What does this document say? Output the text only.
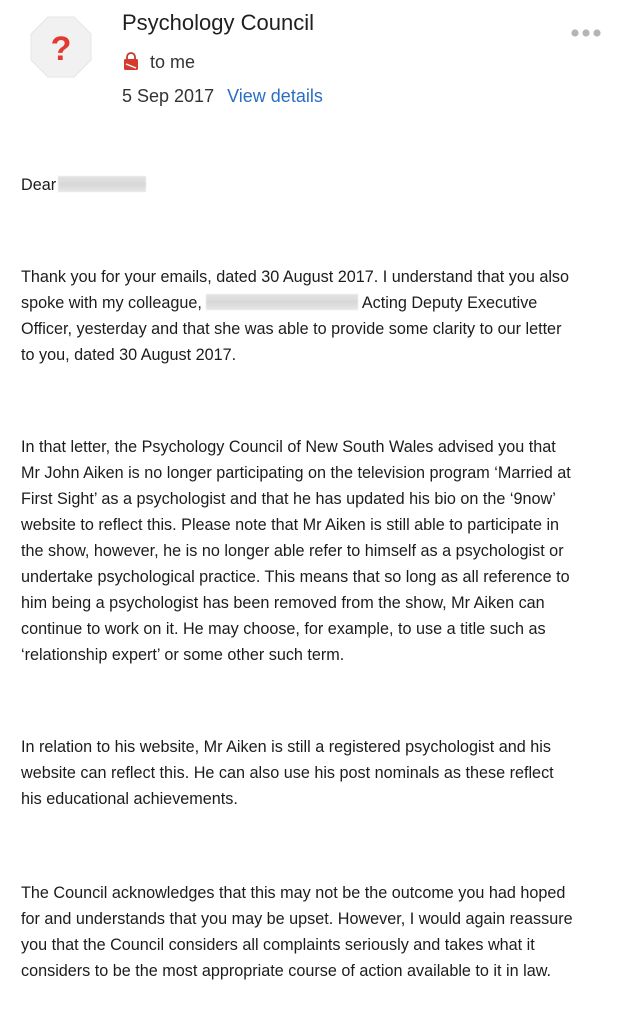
?
Psychology Council
to me
5 Sep 2017 View details
Dear
Thank you for your emails, dated 30 August 2017. I understand that you also
spoke with my colleague,	Acting Deputy Executive
Officer, yesterday and that she was able to provide some clarity to our letter
to you, dated 30 August 2017.
In that letter, the Psychology Council of New South Wales advised you that
Mr John Aiken is no longer participating on the television program ‘Married at
First Sight’ as a psychologist and that he has updated his bio on the ‘9now’
website to reflect this. Please note that Mr Aiken is still able to participate in
the show, however, he is no longer able refer to himself as a psychologist or
undertake psychological practice. This means that so long as all reference to
him being a psychologist has been removed from the show, Mr Aiken can
continue to work on it. He may choose, for example, to use a title such as
‘relationship expert’ or some other such term.
In relation to his website, Mr Aiken is still a registered psychologist and his
website can reflect this. He can also use his post nominals as these reflect
his educational achievements.
The Council acknowledges that this may not be the outcome you had hoped
for and understands that you may be upset. However, I would again reassure
you that the Council considers all complaints seriously and takes what it
considers to be the most appropriate course of action available to it in law.
